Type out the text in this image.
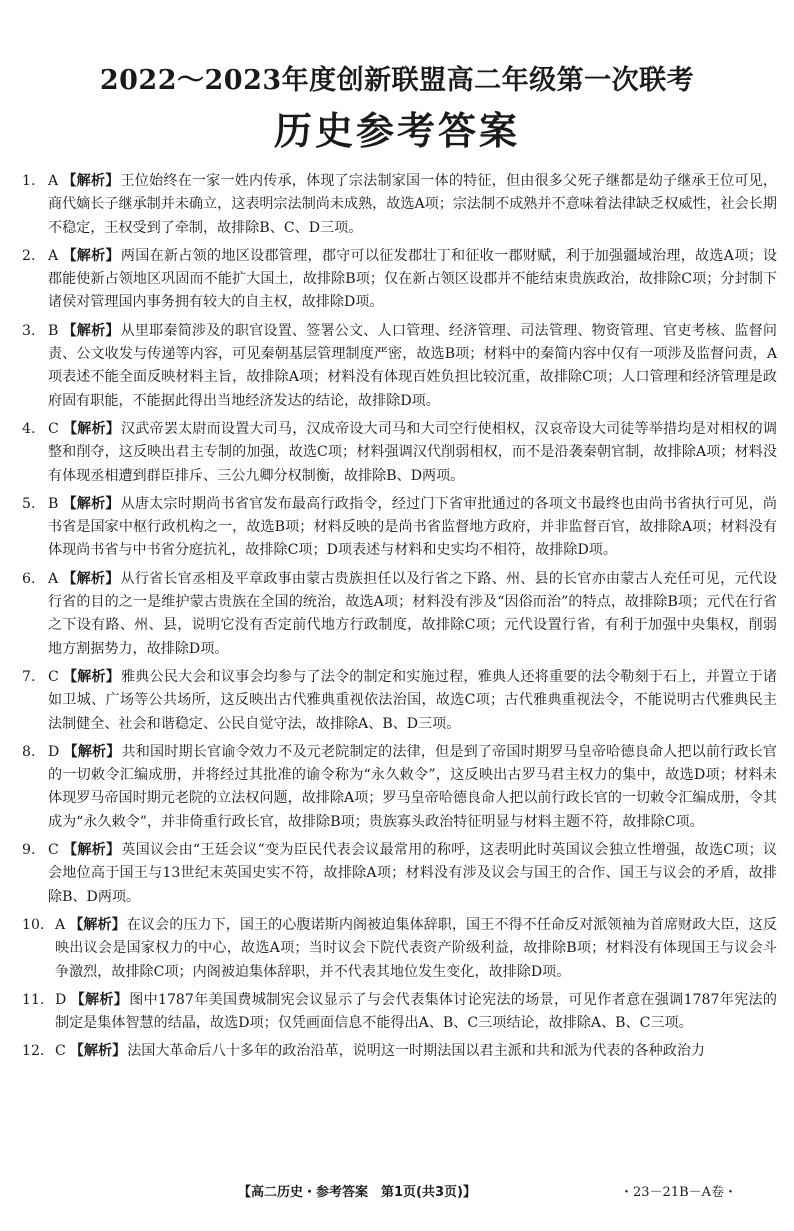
2022～2023年度创新联盟高二年级第一次联考
历史参考答案
1. A 【解析】王位始终在一家一姓内传承，体现了宗法制家国一体的特征，但由很多父死子继都是幼子继承王位可见，商代嫡长子继承制并未确立，这表明宗法制尚未成熟，故选A项；宗法制不成熟并不意味着法律缺乏权威性，社会长期不稳定，王权受到了牵制，故排除B、C、D三项。
2. A 【解析】两国在新占领的地区设郡管理，郡守可以征发郡壮丁和征收一郡财赋，利于加强疆域治理，故选A项；设郡能使新占领地区巩固而不能扩大国土，故排除B项；仅在新占领区设郡并不能结束贵族政治，故排除C项；分封制下诸侯对管理国内事务拥有较大的自主权，故排除D项。
3. B 【解析】从里耶秦简涉及的职官设置、签署公文、人口管理、经济管理、司法管理、物资管理、官吏考核、监督问责、公文收发与传递等内容，可见秦朝基层管理制度严密，故选B项；材料中的秦简内容中仅有一项涉及监督问责，A项表述不能全面反映材料主旨，故排除A项；材料没有体现百姓负担比较沉重，故排除C项；人口管理和经济管理是政府固有职能，不能据此得出当地经济发达的结论，故排除D项。
4. C 【解析】汉武帝罢太尉而设置大司马，汉成帝设大司马和大司空行使相权，汉哀帝设大司徒等举措均是对相权的调整和削夺，这反映出君主专制的加强，故选C项；材料强调汉代削弱相权，而不是沿袭秦朝官制，故排除A项；材料没有体现丞相遭到群臣排斥、三公九卿分权制衡，故排除B、D两项。
5. B 【解析】从唐太宗时期尚书省官发布最高行政指令，经过门下省审批通过的各项文书最终也由尚书省执行可见，尚书省是国家中枢行政机构之一，故选B项；材料反映的是尚书省监督地方政府，并非监督百官，故排除A项；材料没有体现尚书省与中书省分庭抗礼，故排除C项；D项表述与材料和史实均不相符，故排除D项。
6. A 【解析】从行省长官丞相及平章政事由蒙古贵族担任以及行省之下路、州、县的长官亦由蒙古人充任可见，元代设行省的目的之一是维护蒙古贵族在全国的统治，故选A项；材料没有涉及“因俗而治”的特点，故排除B项；元代在行省之下设有路、州、县，说明它没有否定前代地方行政制度，故排除C项；元代设置行省，有利于加强中央集权，削弱地方割据势力，故排除D项。
7. C 【解析】雅典公民大会和议事会均参与了法令的制定和实施过程，雅典人还将重要的法令勒刻于石上，并置立于诸如卫城、广场等公共场所，这反映出古代雅典重视依法治国，故选C项；古代雅典重视法令，不能说明古代雅典民主法制健全、社会和谐稳定、公民自觉守法，故排除A、B、D三项。
8. D 【解析】共和国时期长官谕令效力不及元老院制定的法律，但是到了帝国时期罗马皇帝哈德良命人把以前行政长官的一切敕令汇编成册，并将经过其批准的谕令称为“永久敕令”，这反映出古罗马君主权力的集中，故选D项；材料未体现罗马帝国时期元老院的立法权问题，故排除A项；罗马皇帝哈德良命人把以前行政长官的一切敕令汇编成册，令其成为“永久敕令”，并非倚重行政长官，故排除B项；贵族寡头政治特征明显与材料主题不符，故排除C项。
9. C 【解析】英国议会由“王廷会议”变为臣民代表会议最常用的称呼，这表明此时英国议会独立性增强，故选C项；议会地位高于国王与13世纪末英国史实不符，故排除A项；材料没有涉及议会与国王的合作、国王与议会的矛盾，故排除B、D两项。
10. A 【解析】在议会的压力下，国王的心腹诺斯内阁被迫集体辞职，国王不得不任命反对派领袖为首席财政大臣，这反映出议会是国家权力的中心，故选A项；当时议会下院代表资产阶级利益，故排除B项；材料没有体现国王与议会斗争激烈，故排除C项；内阁被迫集体辞职，并不代表其地位发生变化，故排除D项。
11. D 【解析】图中1787年美国费城制宪会议显示了与会代表集体讨论宪法的场景，可见作者意在强调1787年宪法的制定是集体智慧的结晶，故选D项；仅凭画面信息不能得出A、B、C三项结论，故排除A、B、C三项。
12. C 【解析】法国大革命后八十多年的政治沿革，说明这一时期法国以君主派和共和派为代表的各种政治力
【高二历史・参考答案　第1页(共3页)】	・23－21B－A卷・
